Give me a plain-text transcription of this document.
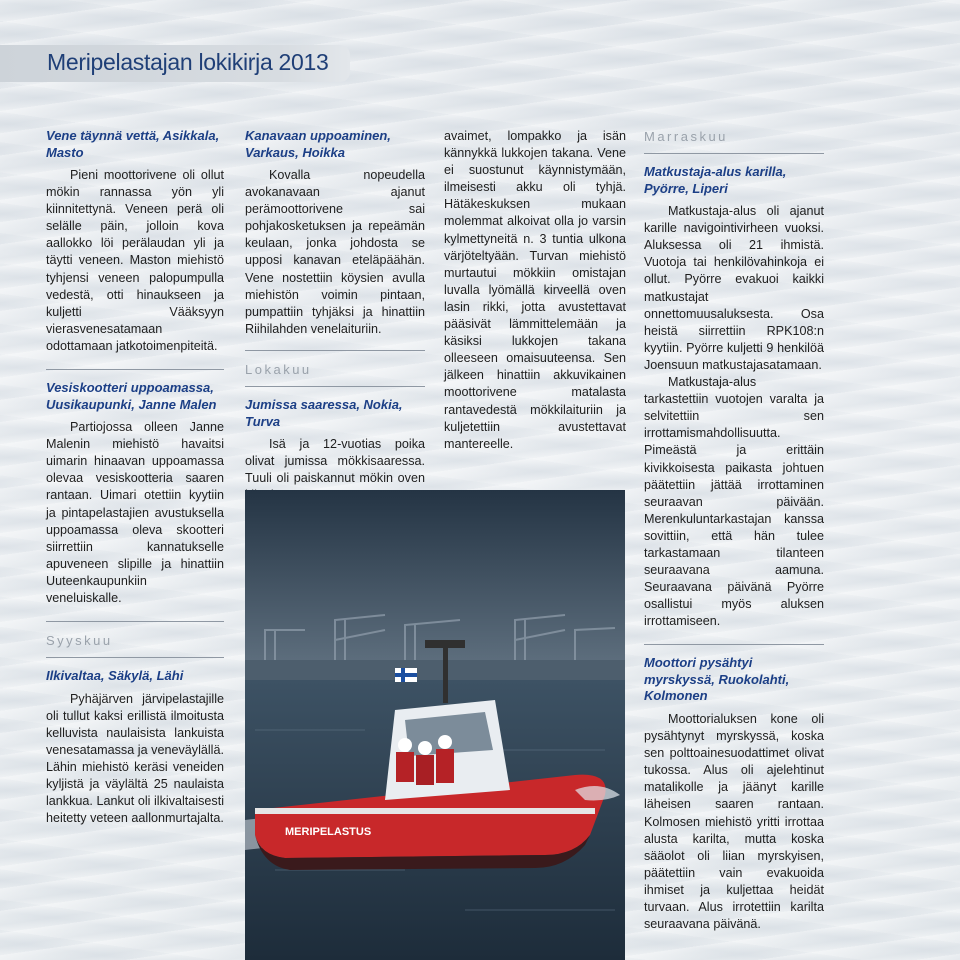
Meripelastajan lokikirja 2013

Vene täynnä vettä, Asikkala, Masto

Pieni moottorivene oli ollut mökin rannassa yön yli kiinnitettynä. Veneen perä oli selälle päin, jolloin kova aallokko löi perälaudan yli ja täytti veneen. Maston miehistö tyhjensi veneen palopumpulla vedestä, otti hinaukseen ja kuljetti Vääksyyn vierasvenesatamaan odottamaan jatkotoimenpiteitä.

Vesiskootteri uppoamassa, Uusikaupunki, Janne Malen

Partiojossa olleen Janne Malenin miehistö havaitsi uimarin hinaavan uppoamassa olevaa vesiskootteria saaren rantaan. Uimari otettiin kyytiin ja pintapelastajien avustuksella uppoamassa oleva skootteri siirrettiin kannatukselle apuveneen slipille ja hinattiin Uuteenkaupunkiin veneluiskalle.

Syyskuu

Ilkivaltaa, Säkylä, Lähi

Pyhäjärven järvipelastajille oli tullut kaksi erillistä ilmoitusta kelluvista naulaisista lankuista venesatamassa ja veneväylällä. Lähin miehistö keräsi veneiden kyljistä ja väylältä 25 naulaista lankkua. Lankut oli ilkivaltaisesti heitetty veteen aallonmurtajalta.

Kanavaan uppoaminen, Varkaus, Hoikka

Kovalla nopeudella avokanavaan ajanut perämoottorivene sai pohjakosketuksen ja repeämän keulaan, jonka johdosta se upposi kanavan eteläpäähän. Vene nostettiin köysien avulla miehistön voimin pintaan, pumpattiin tyhjäksi ja hinattiin Riihilahden venelaituriin.

Lokakuu

Jumissa saaressa, Nokia, Turva

Isä ja 12-vuotias poika olivat jumissa mökkisaaressa. Tuuli oli paiskannut mökin oven

MERIPELASTUS

avaimet, lompakko ja isän kännykkä lukkojen takana. Vene ei suostunut käynnistymään, ilmeisesti akku oli tyhjä. Hätäkeskuksen mukaan molemmat alkoivat olla jo varsin kylmettyneitä n. 3 tuntia ulkona värjöteltyään. Turvan miehistö murtautui mökkiin omistajan luvalla lyömällä kirveellä oven lasin rikki, jotta avustettavat pääsivät lämmittelemään ja käsiksi lukkojen takana olleeseen omaisuuteensa. Sen jälkeen hinattiin akkuvikainen moottorivene matalasta rantavedestä mökkilaituriin ja kuljetettiin avustettavat mantereelle.

Marraskuu

Matkustaja-alus karilla, Pyörre, Liperi

Matkustaja-alus oli ajanut karille navigointivirheen vuoksi. Aluksessa oli 21 ihmistä. Vuotoja tai henkilövahinkoja ei ollut. Pyörre evakuoi kaikki matkustajat onnettomuusaluksesta. Osa heistä siirrettiin RPK108:n kyytiin. Pyörre kuljetti 9 henkilöä Joensuun matkustajasatamaan.

Matkustaja-alus tarkastettiin vuotojen varalta ja selvitettiin sen irrottamismahdollisuutta. Pimeästä ja erittäin kivikkoisesta paikasta johtuen päätettiin jättää irrottaminen seuraavan päivään. Merenkuluntarkastajan kanssa sovittiin, että hän tulee tarkastamaan tilanteen seuraavana aamuna. Seuraavana päivänä Pyörre osallistui myös aluksen irrottamiseen.

Moottori pysähtyi myrskyssä, Ruokolahti, Kolmonen

Moottorialuksen kone oli pysähtynyt myrskyssä, koska sen polttoainesuodattimet olivat tukossa. Alus oli ajelehtinut matalikolle ja jäänyt karille läheisen saaren rantaan. Kolmosen miehistö yritti irrottaa alusta karilta, mutta koska sääolot oli liian myrskyisen, päätettiin vain evakuoida ihmiset ja kuljettaa heidät turvaan. Alus irrotettiin karilta seuraavana päivänä.
